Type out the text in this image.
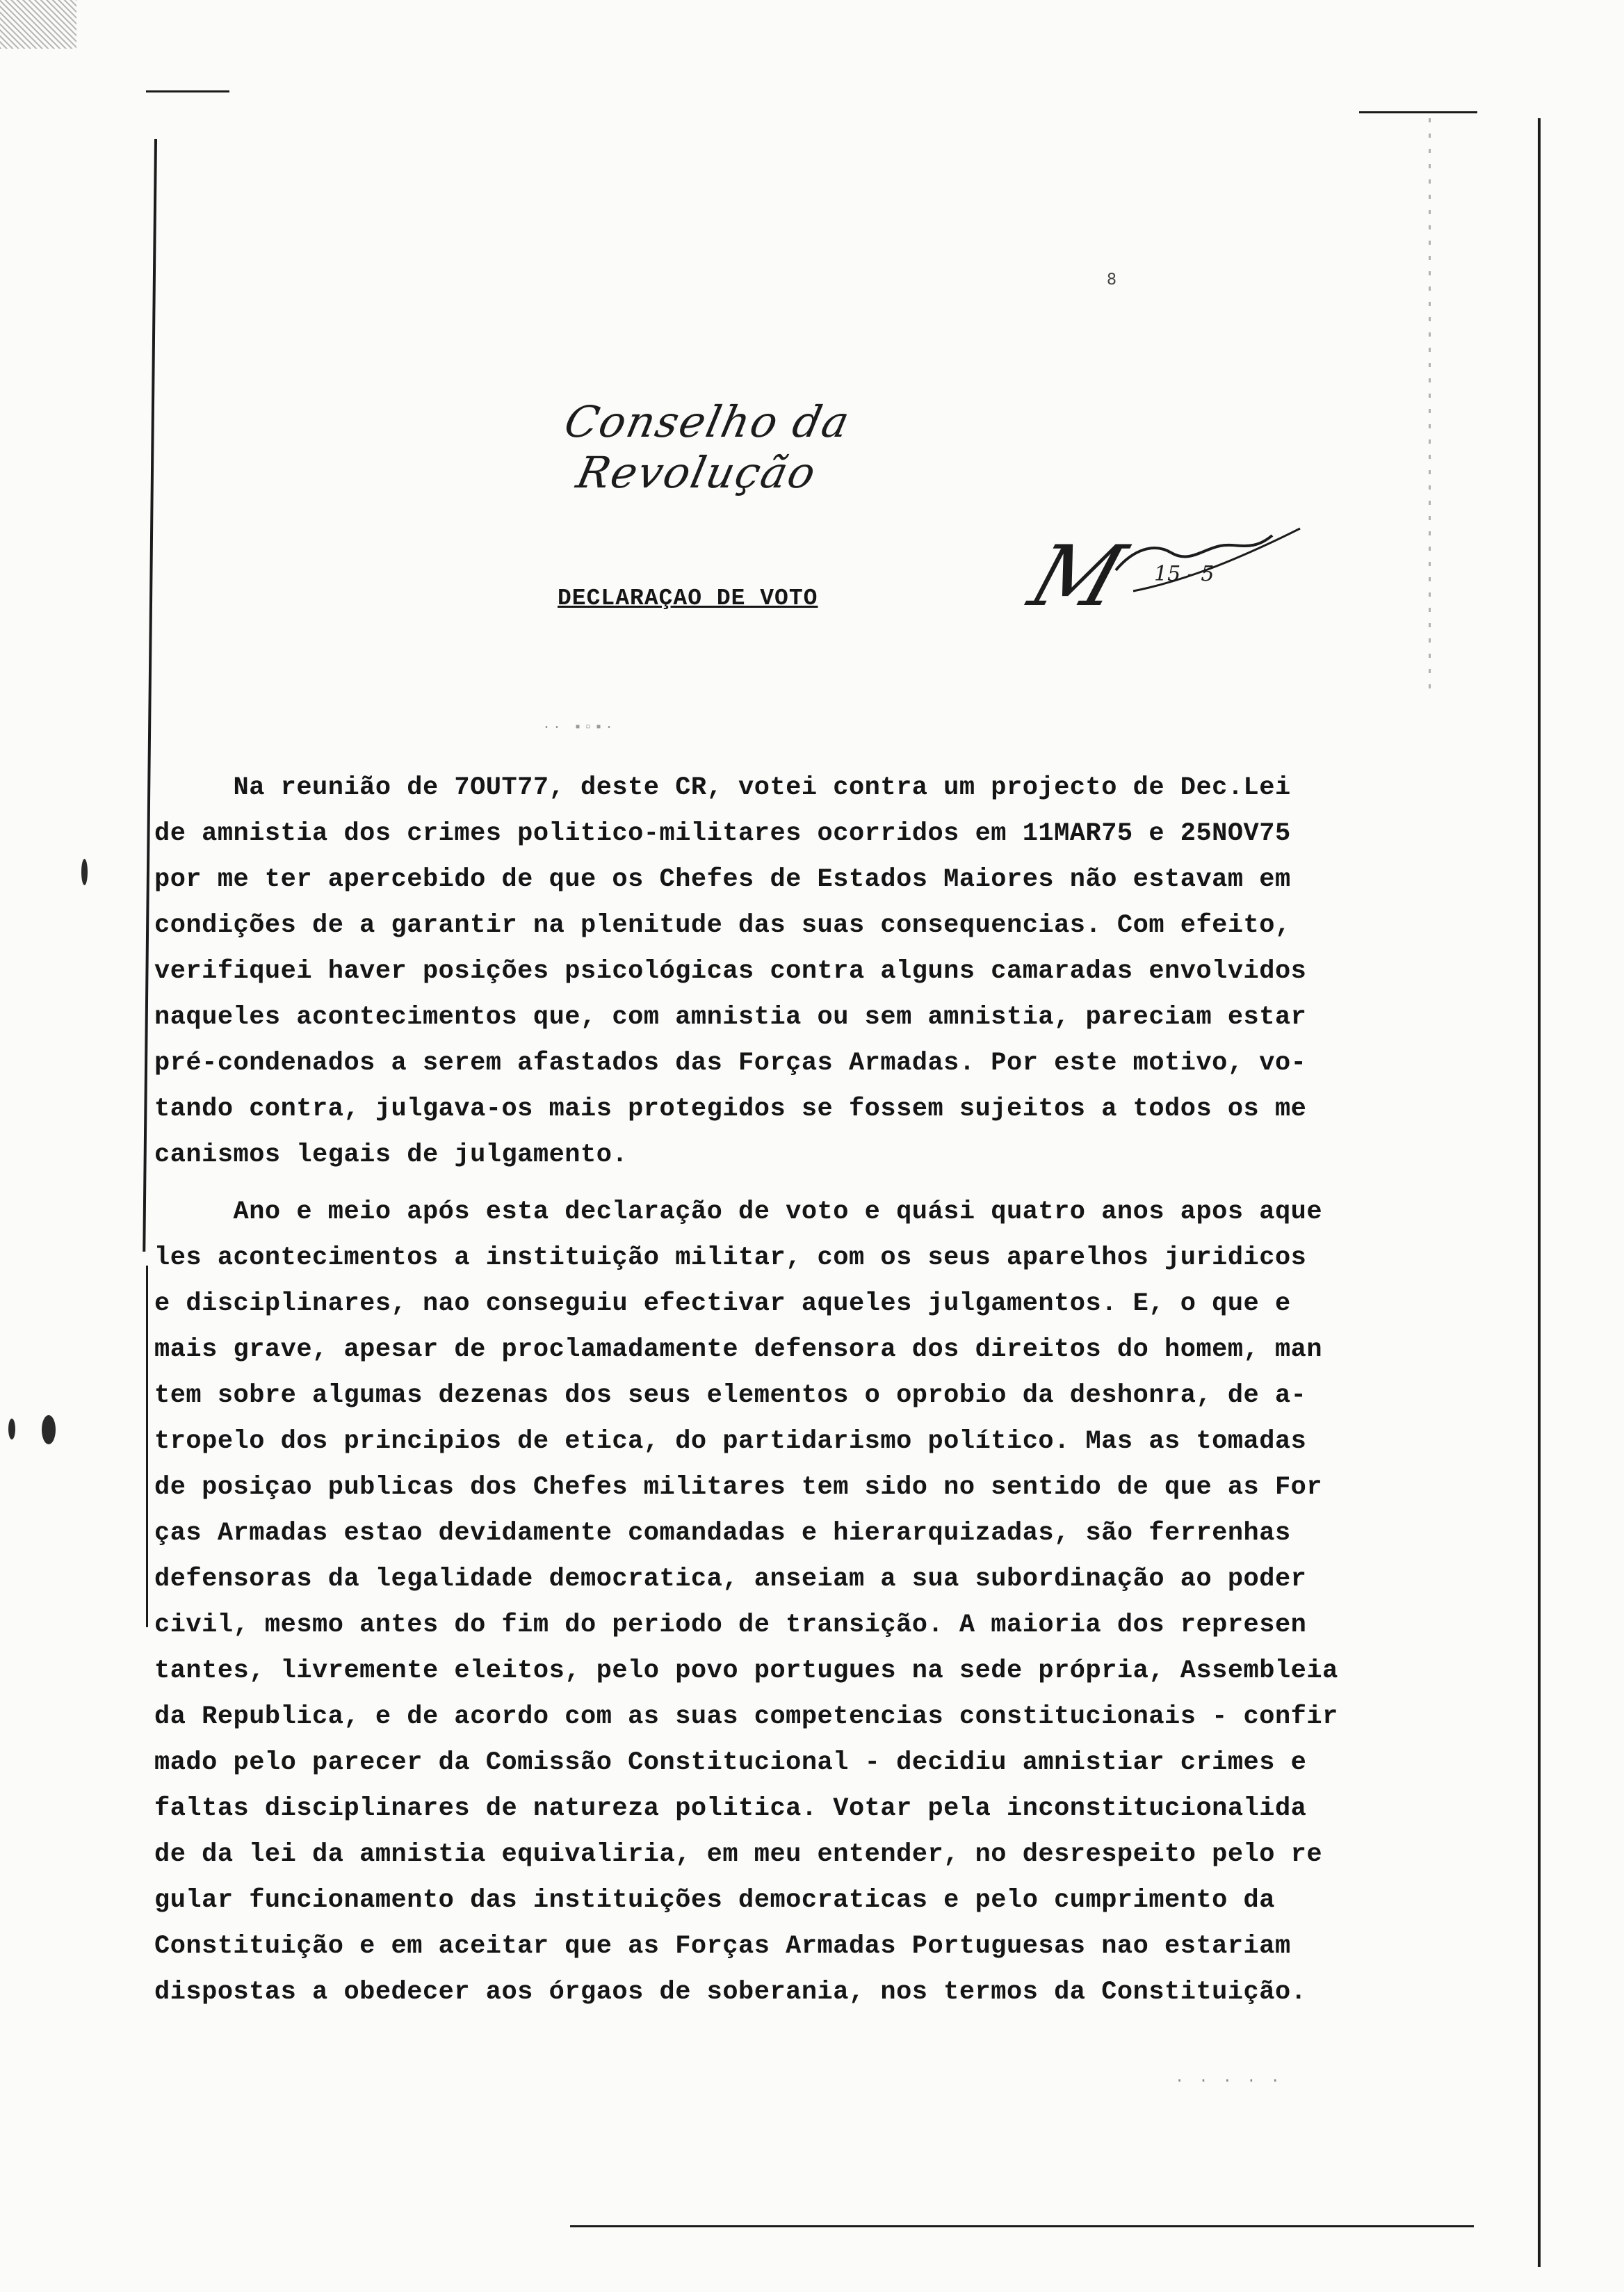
8
Conselho da Revolução
M 15 - 5
DECLARAÇAO DE VOTO
·· ▪▫▪·
Na reunião de 7OUT77, deste CR, votei contra um projecto de Dec.Lei
de amnistia dos crimes politico-militares ocorridos em 11MAR75 e 25NOV75
por me ter apercebido de que os Chefes de Estados Maiores não estavam em
condições de a garantir na plenitude das suas consequencias. Com efeito,
verifiquei haver posições psicológicas contra alguns camaradas envolvidos
naqueles acontecimentos que, com amnistia ou sem amnistia, pareciam estar
pré-condenados a serem afastados das Forças Armadas. Por este motivo, vo-
tando contra, julgava-os mais protegidos se fossem sujeitos a todos os me
canismos legais de julgamento.
Ano e meio após esta declaração de voto e quási quatro anos apos aque
les acontecimentos a instituição militar, com os seus aparelhos juridicos
e disciplinares, nao conseguiu efectivar aqueles julgamentos. E, o que e
mais grave, apesar de proclamadamente defensora dos direitos do homem, man
tem sobre algumas dezenas dos seus elementos o oprobio da deshonra, de a-
tropelo dos principios de etica, do partidarismo político. Mas as tomadas
de posiçao publicas dos Chefes militares tem sido no sentido de que as For
ças Armadas estao devidamente comandadas e hierarquizadas, são ferrenhas
defensoras da legalidade democratica, anseiam a sua subordinação ao poder
civil, mesmo antes do fim do periodo de transição. A maioria dos represen
tantes, livremente eleitos, pelo povo portugues na sede própria, Assembleia
da Republica, e de acordo com as suas competencias constitucionais - confir
mado pelo parecer da Comissão Constitucional - decidiu amnistiar crimes e
faltas disciplinares de natureza politica. Votar pela inconstitucionalida
de da lei da amnistia equivaliria, em meu entender, no desrespeito pelo re
gular funcionamento das instituições democraticas e pelo cumprimento da
Constituição e em aceitar que as Forças Armadas Portuguesas nao estariam
dispostas a obedecer aos órgaos de soberania, nos termos da Constituição.
· · · · ·
